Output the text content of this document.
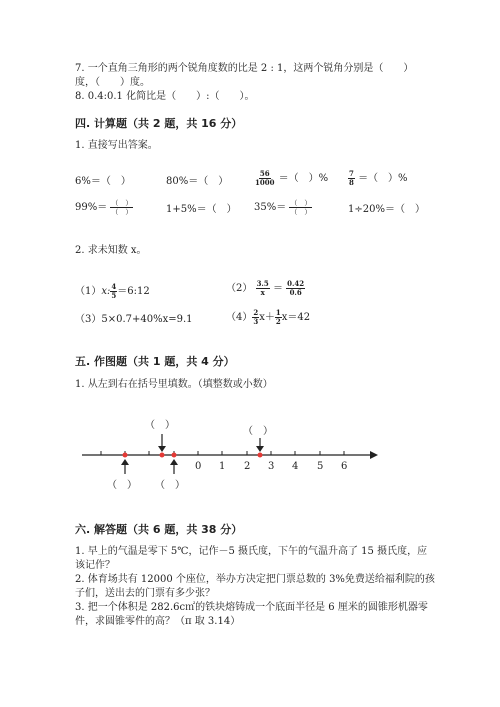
7. 一个直角三角形的两个锐角度数的比是 2 : 1，这两个锐角分别是（　　）
度，（　　）度。
8. 0.4:0.1 化简比是（　　）:（　　）。
四. 计算题（共 2 题，共 16 分）
1. 直接写出答案。
6%＝（　）	80%＝（　）	$\frac{56}{1000}$ ＝（　）%	$\frac{7}{8}$ ＝（　）%
$99\%= \frac{( )}{( )}$	1+5%＝（　） $35\%= \frac{( )}{( )}$	1÷20%＝（　）
2. 求未知数 x。
（1）x: $\frac{4}{5}$ ＝6:12	$(2) \frac{3.5}{x} = \frac{0.42}{0.6}$
（3）5×0.7+40%x=9.1	$(4) \frac{2}{3} x+ \frac{1}{2} x=42$
五. 作图题（共 1 题，共 4 分）
1. 从左到右在括号里填数。（填整数或小数）
（　）
（　）
0 1 2 3 4 5 6
（　） （　）
六. 解答题（共 6 题，共 38 分）
1. 早上的气温是零下 5℃，记作－5 摄氏度，下午的气温升高了 15 摄氏度，应
该记作？
2. 体育场共有 12000 个座位，举办方决定把门票总数的 3%免费送给福利院的孩
子们，送出去的门票有多少张？
3. 把一个体积是 282.6c㎡的铁块熔铸成一个底面半径是 6 厘米的圆锥形机器零
件，求圆锥零件的高？（π 取 3.14）
